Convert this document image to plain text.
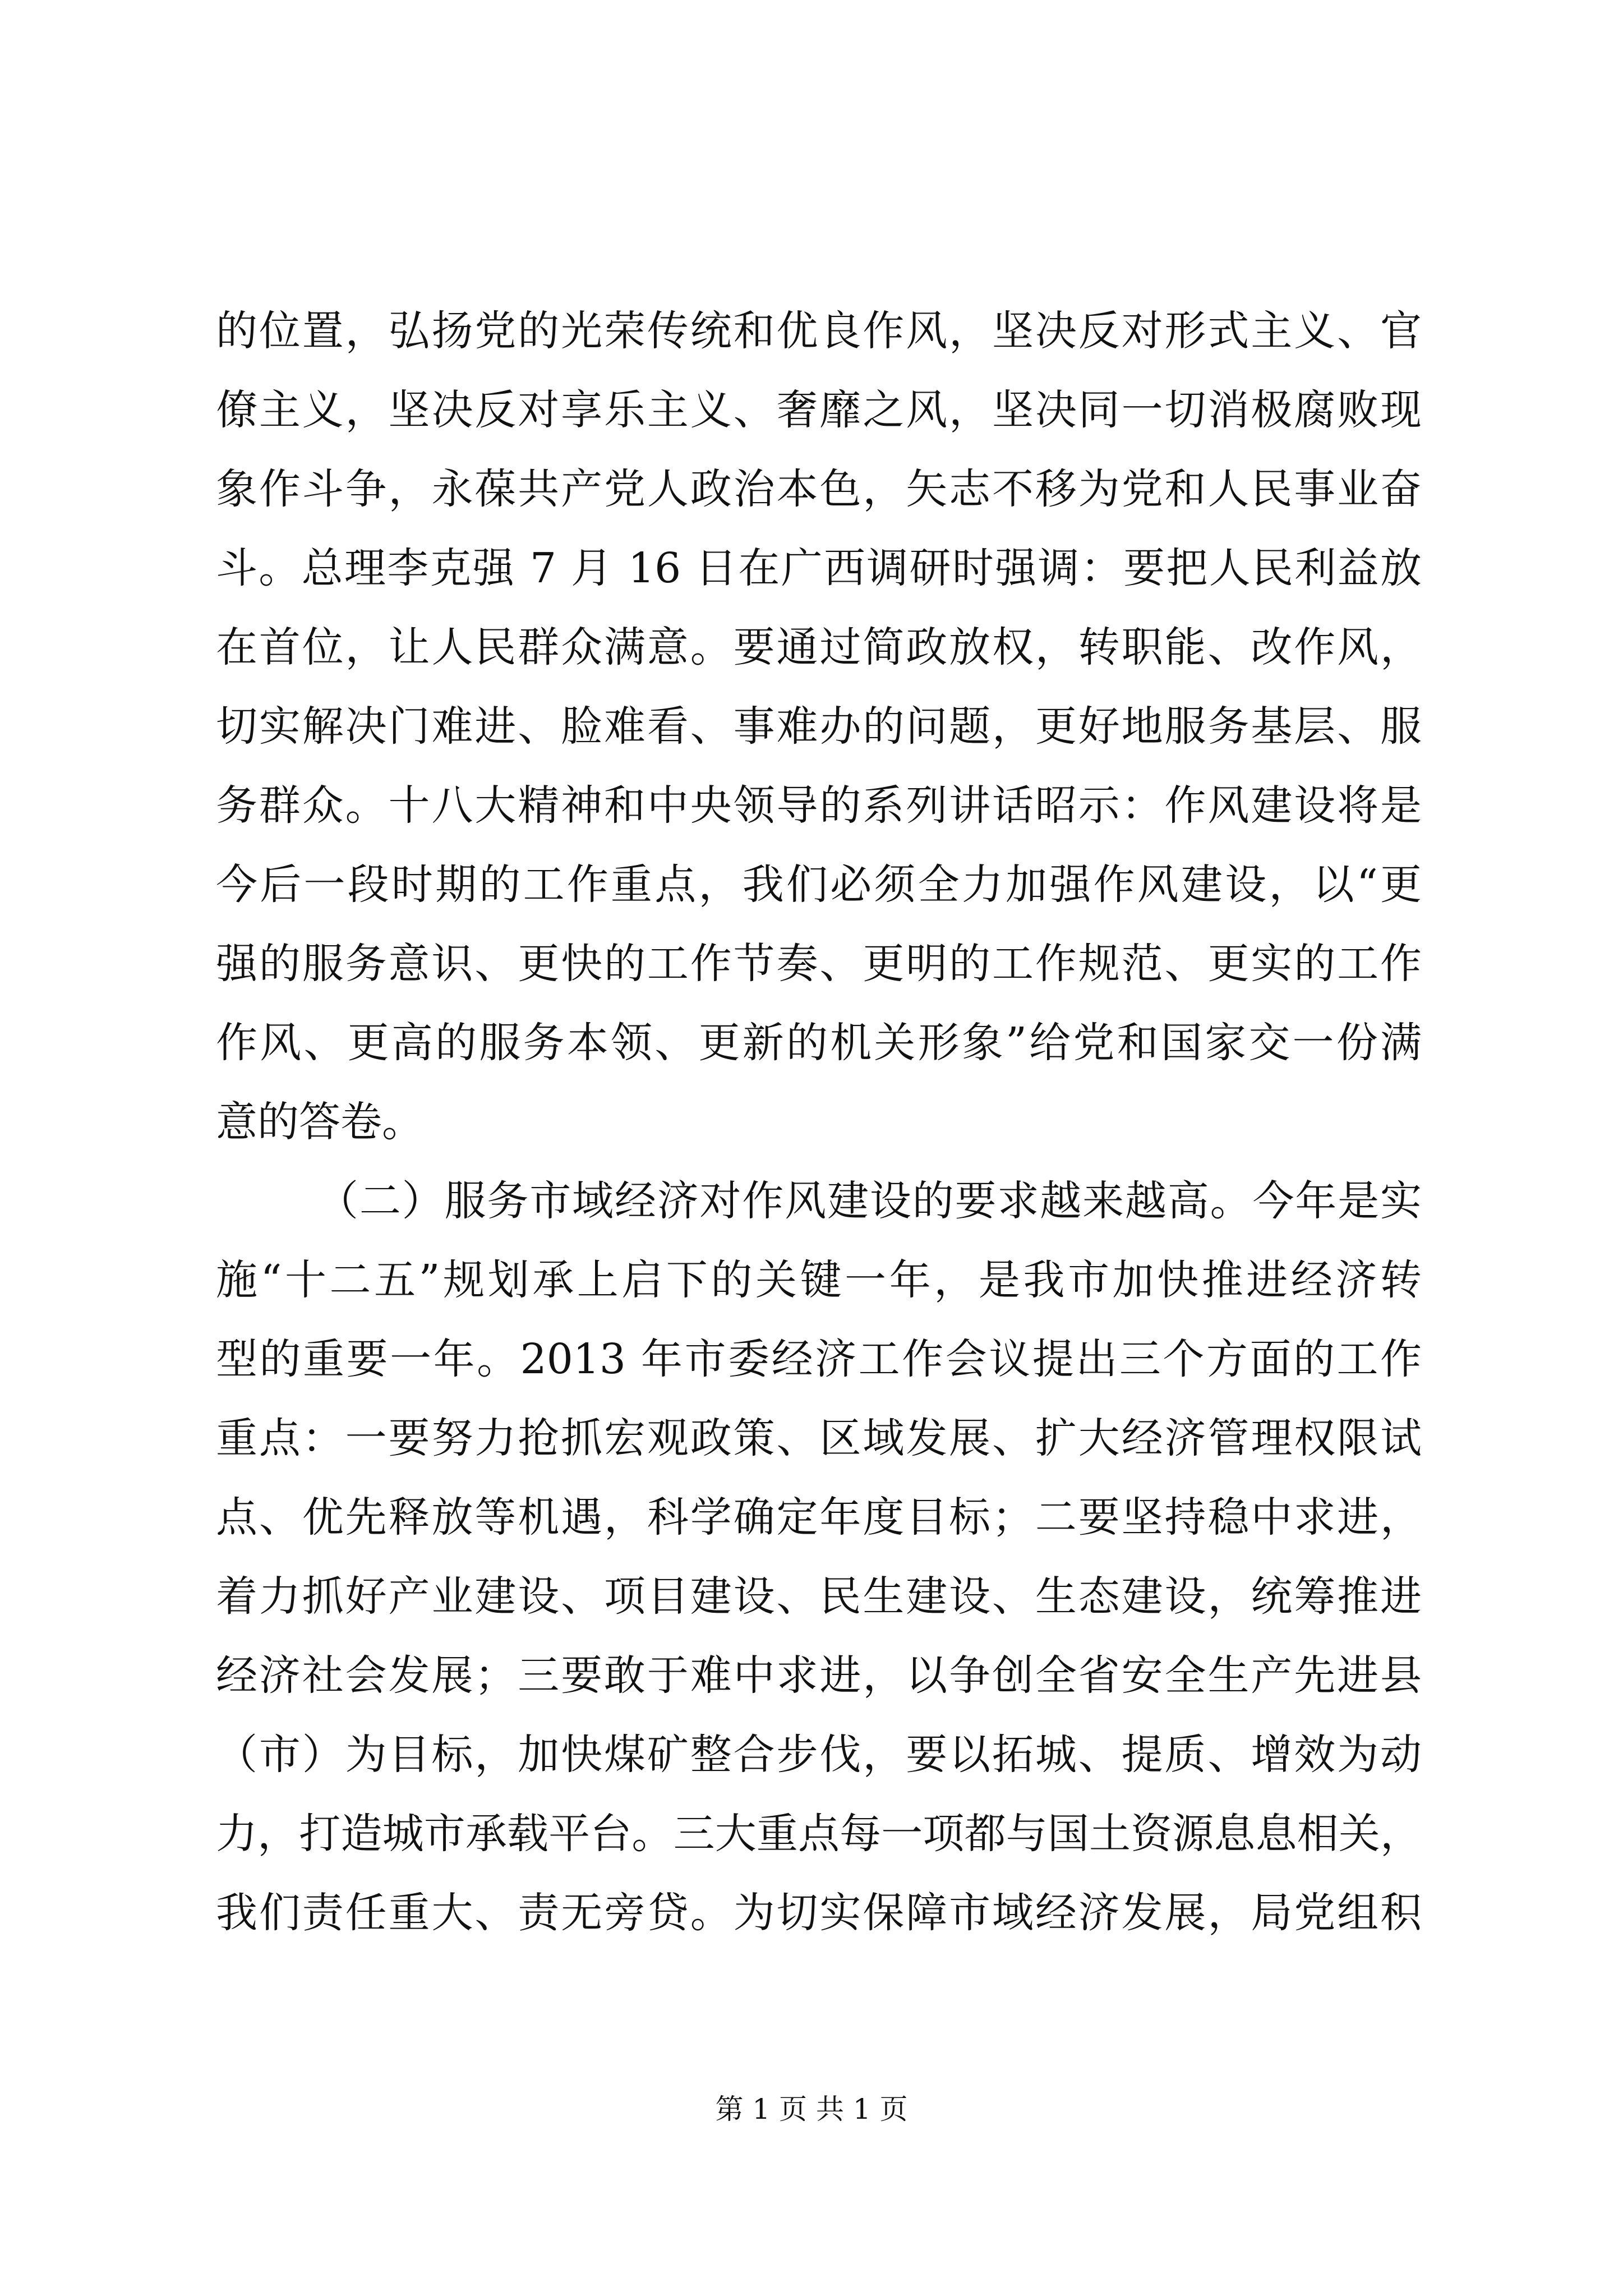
的位置，弘扬党的光荣传统和优良作风，坚决反对形式主义、官
僚主义，坚决反对享乐主义、奢靡之风，坚决同一切消极腐败现
象作斗争，永葆共产党人政治本色，矢志不移为党和人民事业奋
斗。总理李克强 7 月 16 日在广西调研时强调：要把人民利益放
在首位，让人民群众满意。要通过简政放权，转职能、改作风，
切实解决门难进、脸难看、事难办的问题，更好地服务基层、服
务群众。十八大精神和中央领导的系列讲话昭示：作风建设将是
今后一段时期的工作重点，我们必须全力加强作风建设，以“更
强的服务意识、更快的工作节奏、更明的工作规范、更实的工作
作风、更高的服务本领、更新的机关形象”给党和国家交一份满
意的答卷。
（二）服务市域经济对作风建设的要求越来越高。今年是实
施“十二五”规划承上启下的关键一年，是我市加快推进经济转
型的重要一年。2013 年市委经济工作会议提出三个方面的工作
重点：一要努力抢抓宏观政策、区域发展、扩大经济管理权限试
点、优先释放等机遇，科学确定年度目标；二要坚持稳中求进，
着力抓好产业建设、项目建设、民生建设、生态建设，统筹推进
经济社会发展；三要敢于难中求进，以争创全省安全生产先进县
（市）为目标，加快煤矿整合步伐，要以拓城、提质、增效为动
力，打造城市承载平台。三大重点每一项都与国土资源息息相关，
我们责任重大、责无旁贷。为切实保障市域经济发展，局党组积
第 1 页 共 1 页
